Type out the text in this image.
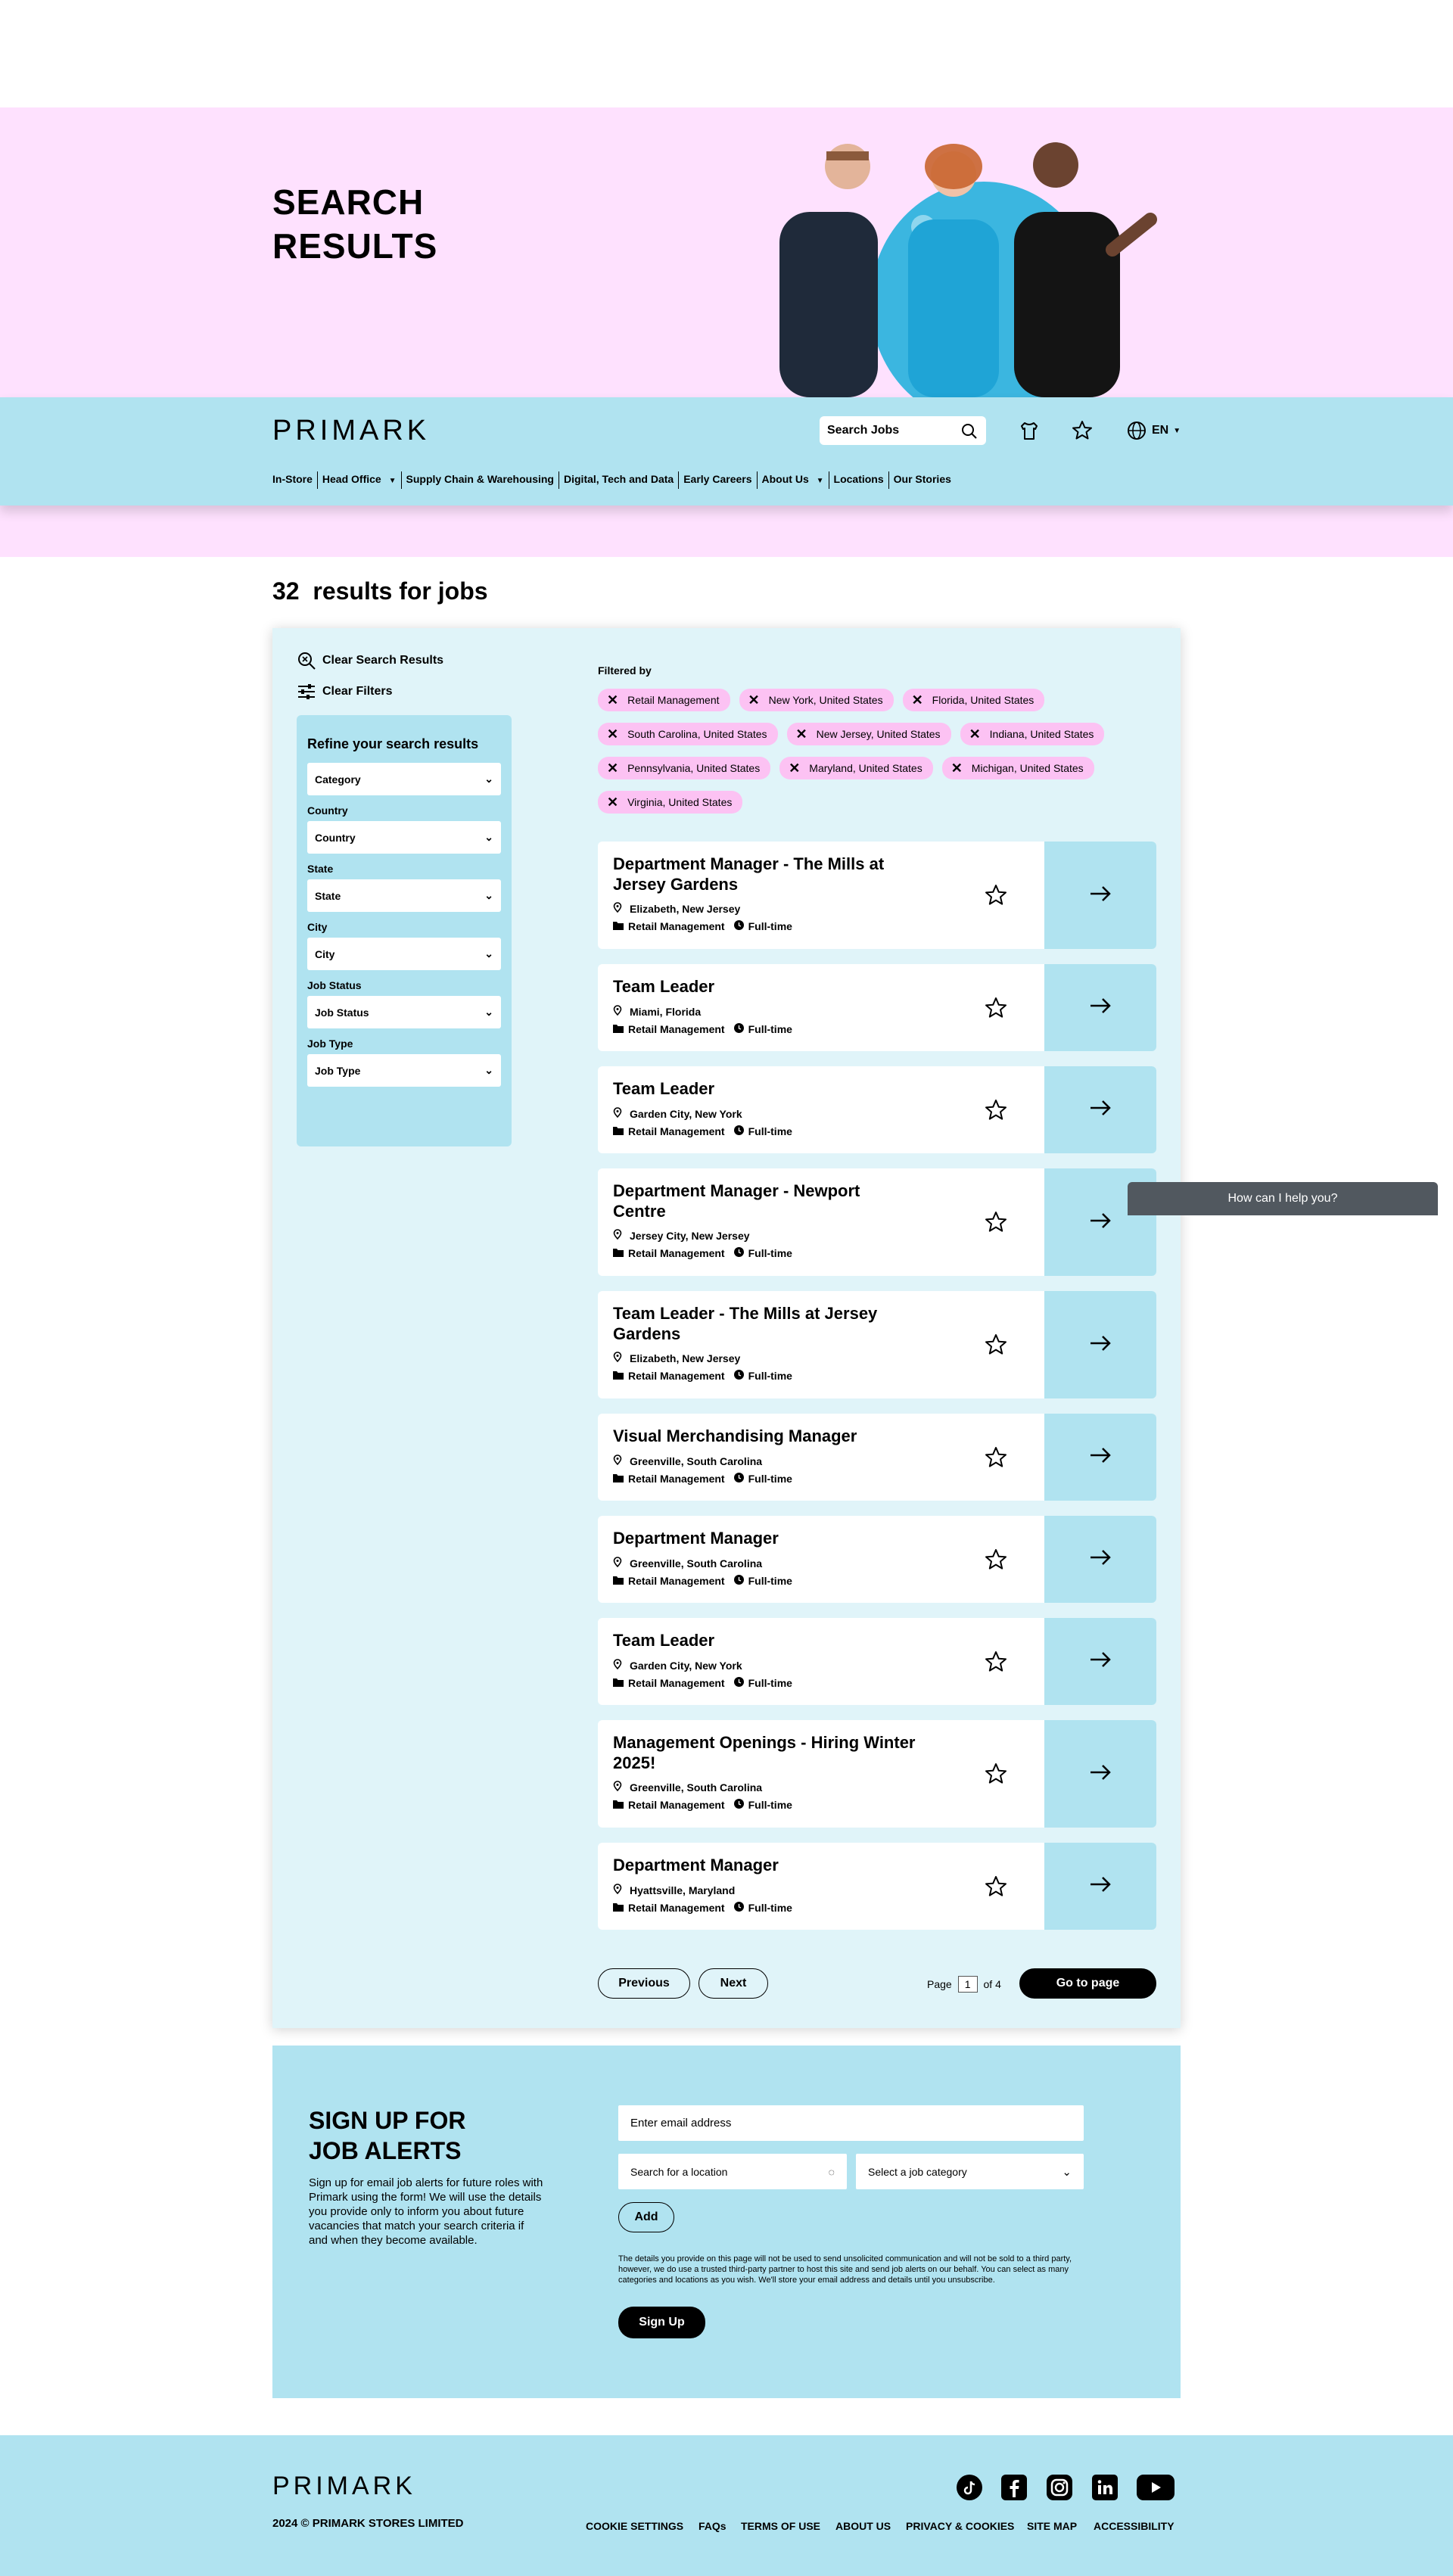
SEARCH
RESULTS
PRIMARK	Search Jobs	EN ▼
In-Store Head Office ▼ Supply Chain & Warehousing Digital, Tech and Data Early Careers About Us ▼ Locations Our Stories
32 results for jobs
Clear Search Results
Clear Filters
Refine your search results
Category	⌄
Country
Country	⌄
State
State	⌄
City
City	⌄
Job Status
Job Status	⌄
Job Type
Job Type	⌄
Filtered by
✕ Retail Management ✕ New York, United States ✕ Florida, United States
✕ South Carolina, United States ✕ New Jersey, United States ✕ Indiana, United States
✕ Pennsylvania, United States ✕ Maryland, United States ✕ Michigan, United States
✕ Virginia, United States
Department Manager - The Mills at Jersey Gardens
Elizabeth, New Jersey
Retail Management Full-time
Team Leader
Miami, Florida
Retail Management Full-time
Team Leader
Garden City, New York
Retail Management Full-time
Department Manager - Newport Centre
Jersey City, New Jersey
Retail Management Full-time
Team Leader - The Mills at Jersey Gardens
Elizabeth, New Jersey
Retail Management Full-time
Visual Merchandising Manager
Greenville, South Carolina
Retail Management Full-time
Department Manager
Greenville, South Carolina
Retail Management Full-time
Team Leader
Garden City, New York
Retail Management Full-time
Management Openings - Hiring Winter 2025!
Greenville, South Carolina
Retail Management Full-time
Department Manager
Hyattsville, Maryland
Retail Management Full-time
Previous	Next	Page	1	of 4	Go to page
How can I help you?
SIGN UP FOR
JOB ALERTS
Sign up for email job alerts for future roles with Primark using the form! We will use the details you provide only to inform you about future vacancies that match your search criteria if and when they become available.
Enter email address
Search for a location	◌	Select a job category	⌄
Add
The details you provide on this page will not be used to send unsolicited communication and will not be sold to a third party, however, we do use a trusted third-party partner to host this site and send job alerts on our behalf. You can select as many categories and locations as you wish. We'll store your email address and details until you unsubscribe.
Sign Up
PRIMARK
2024 © PRIMARK STORES LIMITED	COOKIE SETTINGS FAQs TERMS OF USE ABOUT US PRIVACY & COOKIES SITE MAP ACCESSIBILITY
